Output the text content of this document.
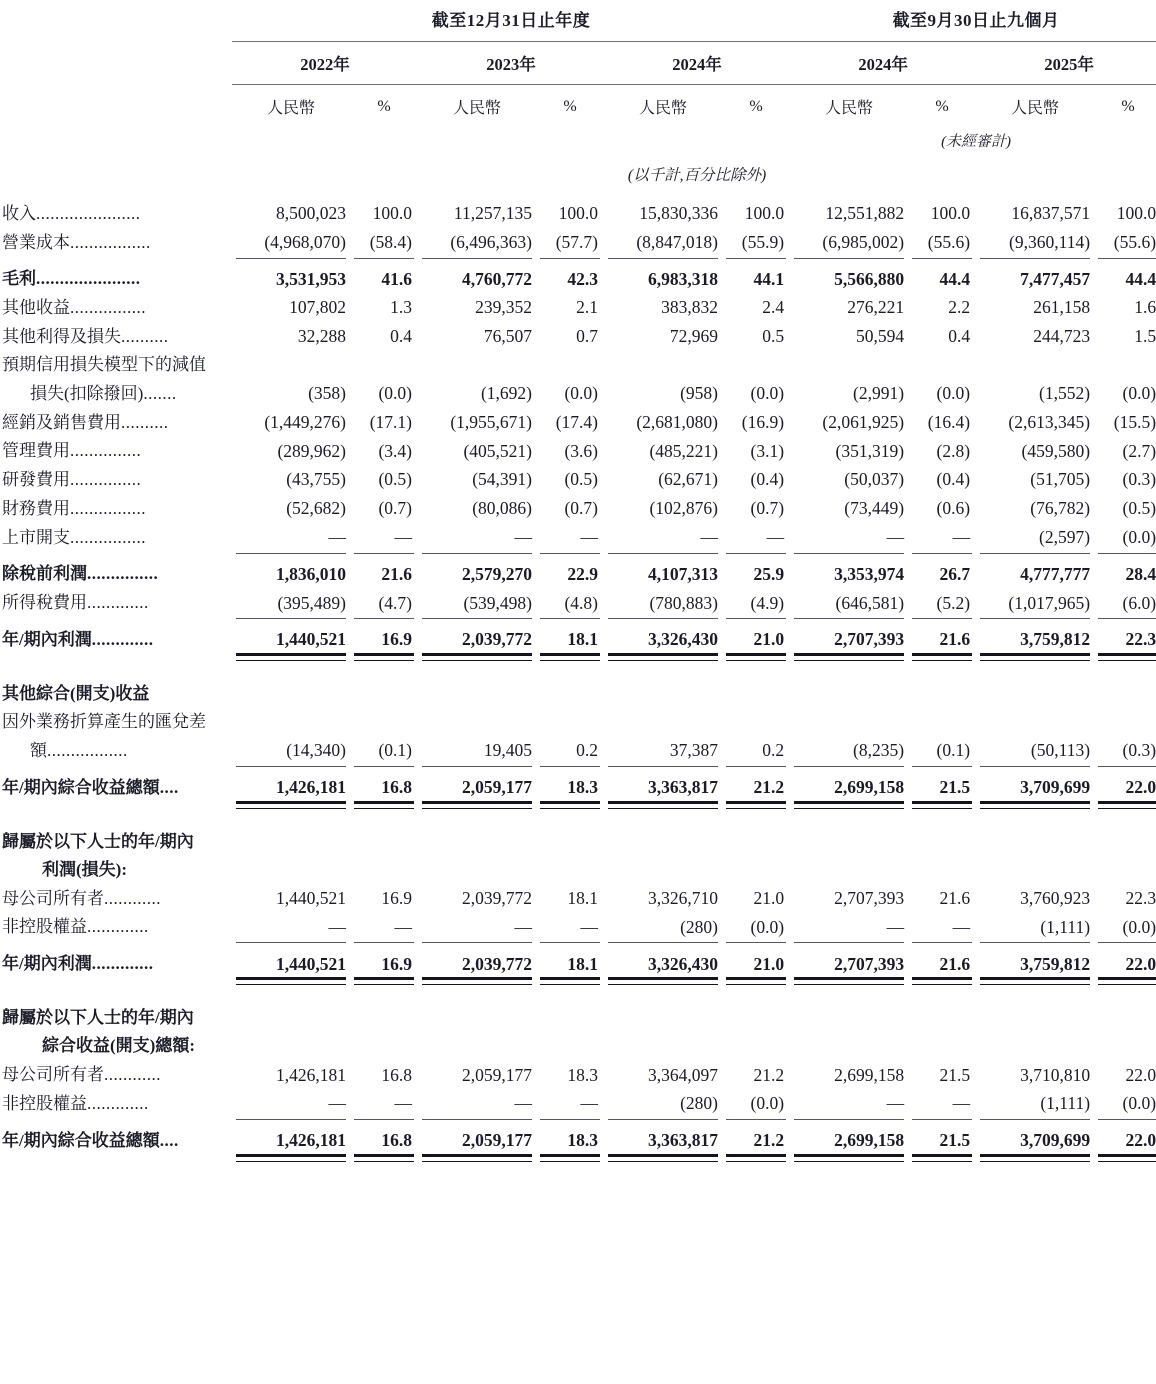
	截至12月31日止年度						截至9月30日止九個月			

	2022年		2023年		2024年		2024年		2025年	

	人民幣	%	人民幣	%	人民幣	%	人民幣	%	人民幣	%
							(未經審計)			
	(以千計,百分比除外)									
收入......................	8,500,023	100.0	11,257,135	100.0	15,830,336	100.0	12,551,882	100.0	16,837,571	100.0
營業成本.................	(4,968,070)	(58.4)	(6,496,363)	(57.7)	(8,847,018)	(55.9)	(6,985,002)	(55.6)	(9,360,114)	(55.6)

毛利......................	3,531,953	41.6	4,760,772	42.3	6,983,318	44.1	5,566,880	44.4	7,477,457	44.4
其他收益................	107,802	1.3	239,352	2.1	383,832	2.4	276,221	2.2	261,158	1.6
其他利得及損失..........	32,288	0.4	76,507	0.7	72,969	0.5	50,594	0.4	244,723	1.5
預期信用損失模型下的減值										
損失(扣除撥回).......	(358)	(0.0)	(1,692)	(0.0)	(958)	(0.0)	(2,991)	(0.0)	(1,552)	(0.0)
經銷及銷售費用..........	(1,449,276)	(17.1)	(1,955,671)	(17.4)	(2,681,080)	(16.9)	(2,061,925)	(16.4)	(2,613,345)	(15.5)
管理費用...............	(289,962)	(3.4)	(405,521)	(3.6)	(485,221)	(3.1)	(351,319)	(2.8)	(459,580)	(2.7)
研發費用...............	(43,755)	(0.5)	(54,391)	(0.5)	(62,671)	(0.4)	(50,037)	(0.4)	(51,705)	(0.3)
財務費用................	(52,682)	(0.7)	(80,086)	(0.7)	(102,876)	(0.7)	(73,449)	(0.6)	(76,782)	(0.5)
上市開支................	—	—	—	—	—	—	—	—	(2,597)	(0.0)

除稅前利潤...............	1,836,010	21.6	2,579,270	22.9	4,107,313	25.9	3,353,974	26.7	4,777,777	28.4
所得稅費用.............	(395,489)	(4.7)	(539,498)	(4.8)	(780,883)	(4.9)	(646,581)	(5.2)	(1,017,965)	(6.0)

年/期內利潤.............	1,440,521	16.9	2,039,772	18.1	3,326,430	21.0	2,707,393	21.6	3,759,812	22.3

其他綜合(開支)收益										
因外業務折算產生的匯兌差										
額.................	(14,340)	(0.1)	19,405	0.2	37,387	0.2	(8,235)	(0.1)	(50,113)	(0.3)

年/期內綜合收益總額....	1,426,181	16.8	2,059,177	18.3	3,363,817	21.2	2,699,158	21.5	3,709,699	22.0

歸屬於以下人士的年/期內										
利潤(損失):										
母公司所有者............	1,440,521	16.9	2,039,772	18.1	3,326,710	21.0	2,707,393	21.6	3,760,923	22.3
非控股權益.............	—	—	—	—	(280)	(0.0)	—	—	(1,111)	(0.0)

年/期內利潤.............	1,440,521	16.9	2,039,772	18.1	3,326,430	21.0	2,707,393	21.6	3,759,812	22.0

歸屬於以下人士的年/期內										
綜合收益(開支)總額:										
母公司所有者............	1,426,181	16.8	2,059,177	18.3	3,364,097	21.2	2,699,158	21.5	3,710,810	22.0
非控股權益.............	—	—	—	—	(280)	(0.0)	—	—	(1,111)	(0.0)

年/期內綜合收益總額....	1,426,181	16.8	2,059,177	18.3	3,363,817	21.2	2,699,158	21.5	3,709,699	22.0
